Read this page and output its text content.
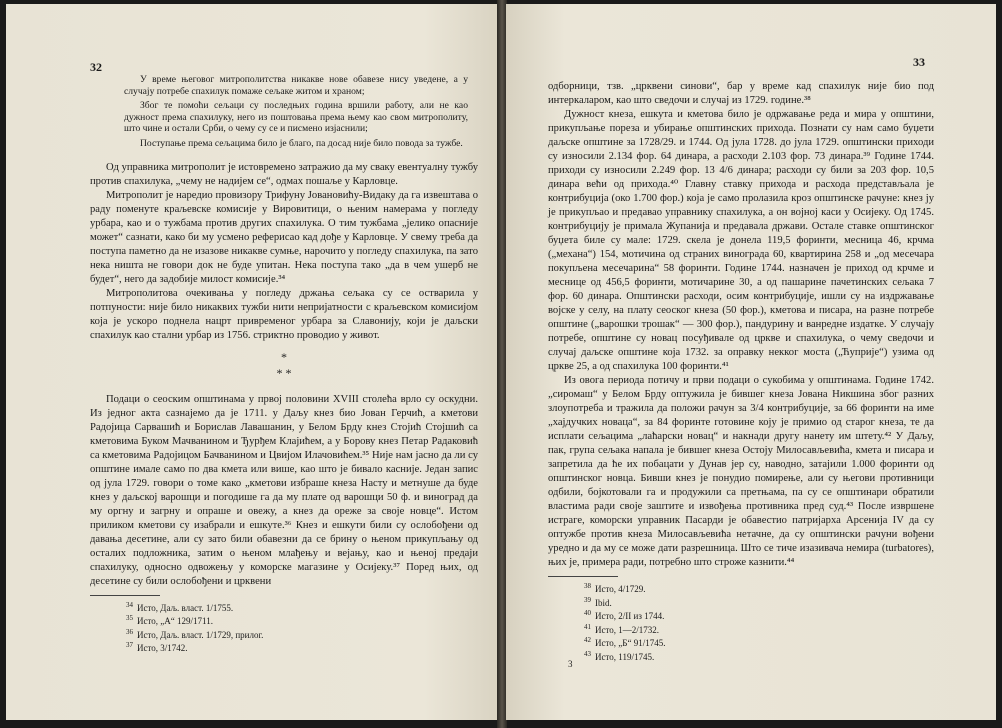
32

У време његовог митрополитства никакве нове обавезе нису уведене, а у случају потребе спахилук помаже сељаке житом и храном;

Због те помоћи сељаци су последњих година вршили работу, али не као дужност према спахилуку, него из поштовања према њему као свом митрополиту, што чине и остали Срби, о чему су се и писмено изјаснили;

Поступање према сељацима било је благо, па досад није било повода за тужбе.

Од управника митрополит је истовремено затражио да му сваку евентуалну тужбу против спахилука, „чему не надијем се“, одмах пошаље у Карловце.

Митрополит је наредио провизору Трифуну Јовановићу-Видаку да га извештава о раду поменуте краљевске комисије у Вировитици, о њеним намерама у погледу урбара, као и о тужбама против других спахилука. О тим тужбама „јелико опасније может“ сазнати, како би му усмено реферисао кад дође у Карловце. У свему треба да поступа паметно да не изазове никакве сумње, нарочито у погледу спахилука, па зато нека ништа не говори док не буде упитан. Нека поступа тако „да в чем ушерб не будет“, него да задобије милост комисије.³⁴

Митрополитова очекивања у погледу држања сељака су се остварила у потпуности: није било никаквих тужби нити непријатности с краљевском комисијом која је ускоро поднела нацрт привременог урбара за Славонију, који је даљски спахилук као стални урбар из 1756. стриктно проводио у живот.

*
* *

Подаци о сеоским општинама у првој половини XVIII столећа врло су оскудни. Из једног акта сазнајемо да је 1711. у Даљу кнез био Јован Герчић, а кметови Радојица Сарвашић и Борислав Лавашанин, у Белом Брду кнез Стојић Стојшић са кметовима Буком Мачванином и Ђурђем Клајићем, а у Борову кнез Петар Радаковић са кметовима Радојицом Бачванином и Цвијом Илачовићем.³⁵ Није нам јасно да ли су општине имале само по два кмета или више, као што је бивало касније. Један запис од јула 1729. говори о томе како „кметови избраше кнеза Насту и метнуше да буде кнез у дaљској варошци и погодише га да му плате од варошци 50 ф. и виноград да му оргну и загрну и опраше и овежу, а кнез да ореже за своје новце“. Истом приликом кметови су изабрали и ешкуте.³⁶ Кнез и ешкути били су ослобођени од давања десетине, али су зато били обавезни да се брину о њеном прикупљању од осталих подложника, затим о њеном млађењу и вејању, као и њеној предаји спахилуку, односно одвожењу у коморске магазине у Осијеку.³⁷ Поред њих, од десетине су били ослобођени и црквени

$^{34}$ Исто, Даљ. власт. 1/1755.
$^{35}$ Исто, „А“ 129/1711.
$^{36}$ Исто, Даљ. власт. 1/1729, прилог.
$^{37}$ Исто, 3/1742.
33

одборници, тзв. „црквени синови“, бар у време кад спахилук није био под интеркаларом, као што сведочи и случај из 1729. године.³⁸

Дужност кнеза, ешкута и кметова било је одржавање реда и мира у општини, прикупљање пореза и убирање општинских прихода. Познати су нам само буџети даљске општине за 1728/29. и 1744. Од јула 1728. до јула 1729. општински приходи су износили 2.134 фор. 64 динара, а расходи 2.103 фор. 73 динара.³⁹ Године 1744. приходи су износили 2.249 фор. 13 4/6 динара; расходи су били за 203 фор. 10,5 динара већи од прихода.⁴⁰ Главну ставку прихода и расхода представљала је контрибуција (око 1.700 фор.) која је само пролазила кроз општинске рачуне: кнез ју је прикупљао и предавао управнику спахилука, а он војној каси у Осијеку. Од 1745. контрибуцију је примала Жупанија и предавала држави. Остале ставке општинског буџета биле су мале: 1729. скела је донела 119,5 форинти, месница 46, крчма („механа“) 154, мотичина од страних винограда 60, квартирина 258 и „од месечара покупљена месечарина“ 58 форинти. Године 1744. назначен је приход од крчме и меснице од 456,5 форинти, мотичарине 30, а од пашарине пачетинских сељака 7 фор. 60 динара. Општински расходи, осим контрибуције, ишли су на издржавање војске у селу, на плату сеоског кнеза (50 фор.), кметова и писара, на разне потребе општине („варошки трошак“ — 300 фор.), пандурину и ванредне издатке. У случају потребе, општине су новац посуђивале од цркве и спахилука, о чему сведочи и случај даљске општине која 1732. за оправку некког моста („Ћуприје“) узима од цркве 25, а од спахилука 100 форинти.⁴¹

Из овога периода потичу и први подаци о сукобима у општинама. Године 1742. „сиромаш“ у Белом Брду оптужила је бившег кнеза Јована Никшина због разних злоупотреба и тражила да положи рачун за 3/4 контрибуције, за 66 форинти на име „хајдучких новаца“, за 84 форинте готовине коју је примио од старог кнеза, те да исплати сељацима „лаћарски новац“ и накнади другу нанету им штету.⁴² У Даљу, пак, група сељака напала је бившег кнеза Остоју Милосављевића, кмета и писара и запретила да ће их побацати у Дунав јер су, наводно, затајили 1.000 форинти од општинског новца. Бивши кнез је понудио помирење, али су његови противници одбили, бојкотовали га и продужили са претњама, па су се општинари обратили властима ради своје заштите и извођења противника пред суд.⁴³ После извршене истраге, коморски управник Пасарди је обавестио патријарха Арсенија IV да су оптужбе против кнеза Милосављевића нетачне, да су општински рачуни вођени уредно и да му се може дати разрешница. Што се тиче изазивача немира (turbatores), њих је, примера ради, потребно што строже казнити.⁴⁴

$^{38}$ Исто, 4/1729.
$^{39}$ Ibid.
$^{40}$ Исто, 2/II из 1744.
$^{41}$ Исто, 1—2/1732.
$^{42}$ Исто, „Б“ 91/1745.
$^{43}$ Исто, 119/1745.
3
